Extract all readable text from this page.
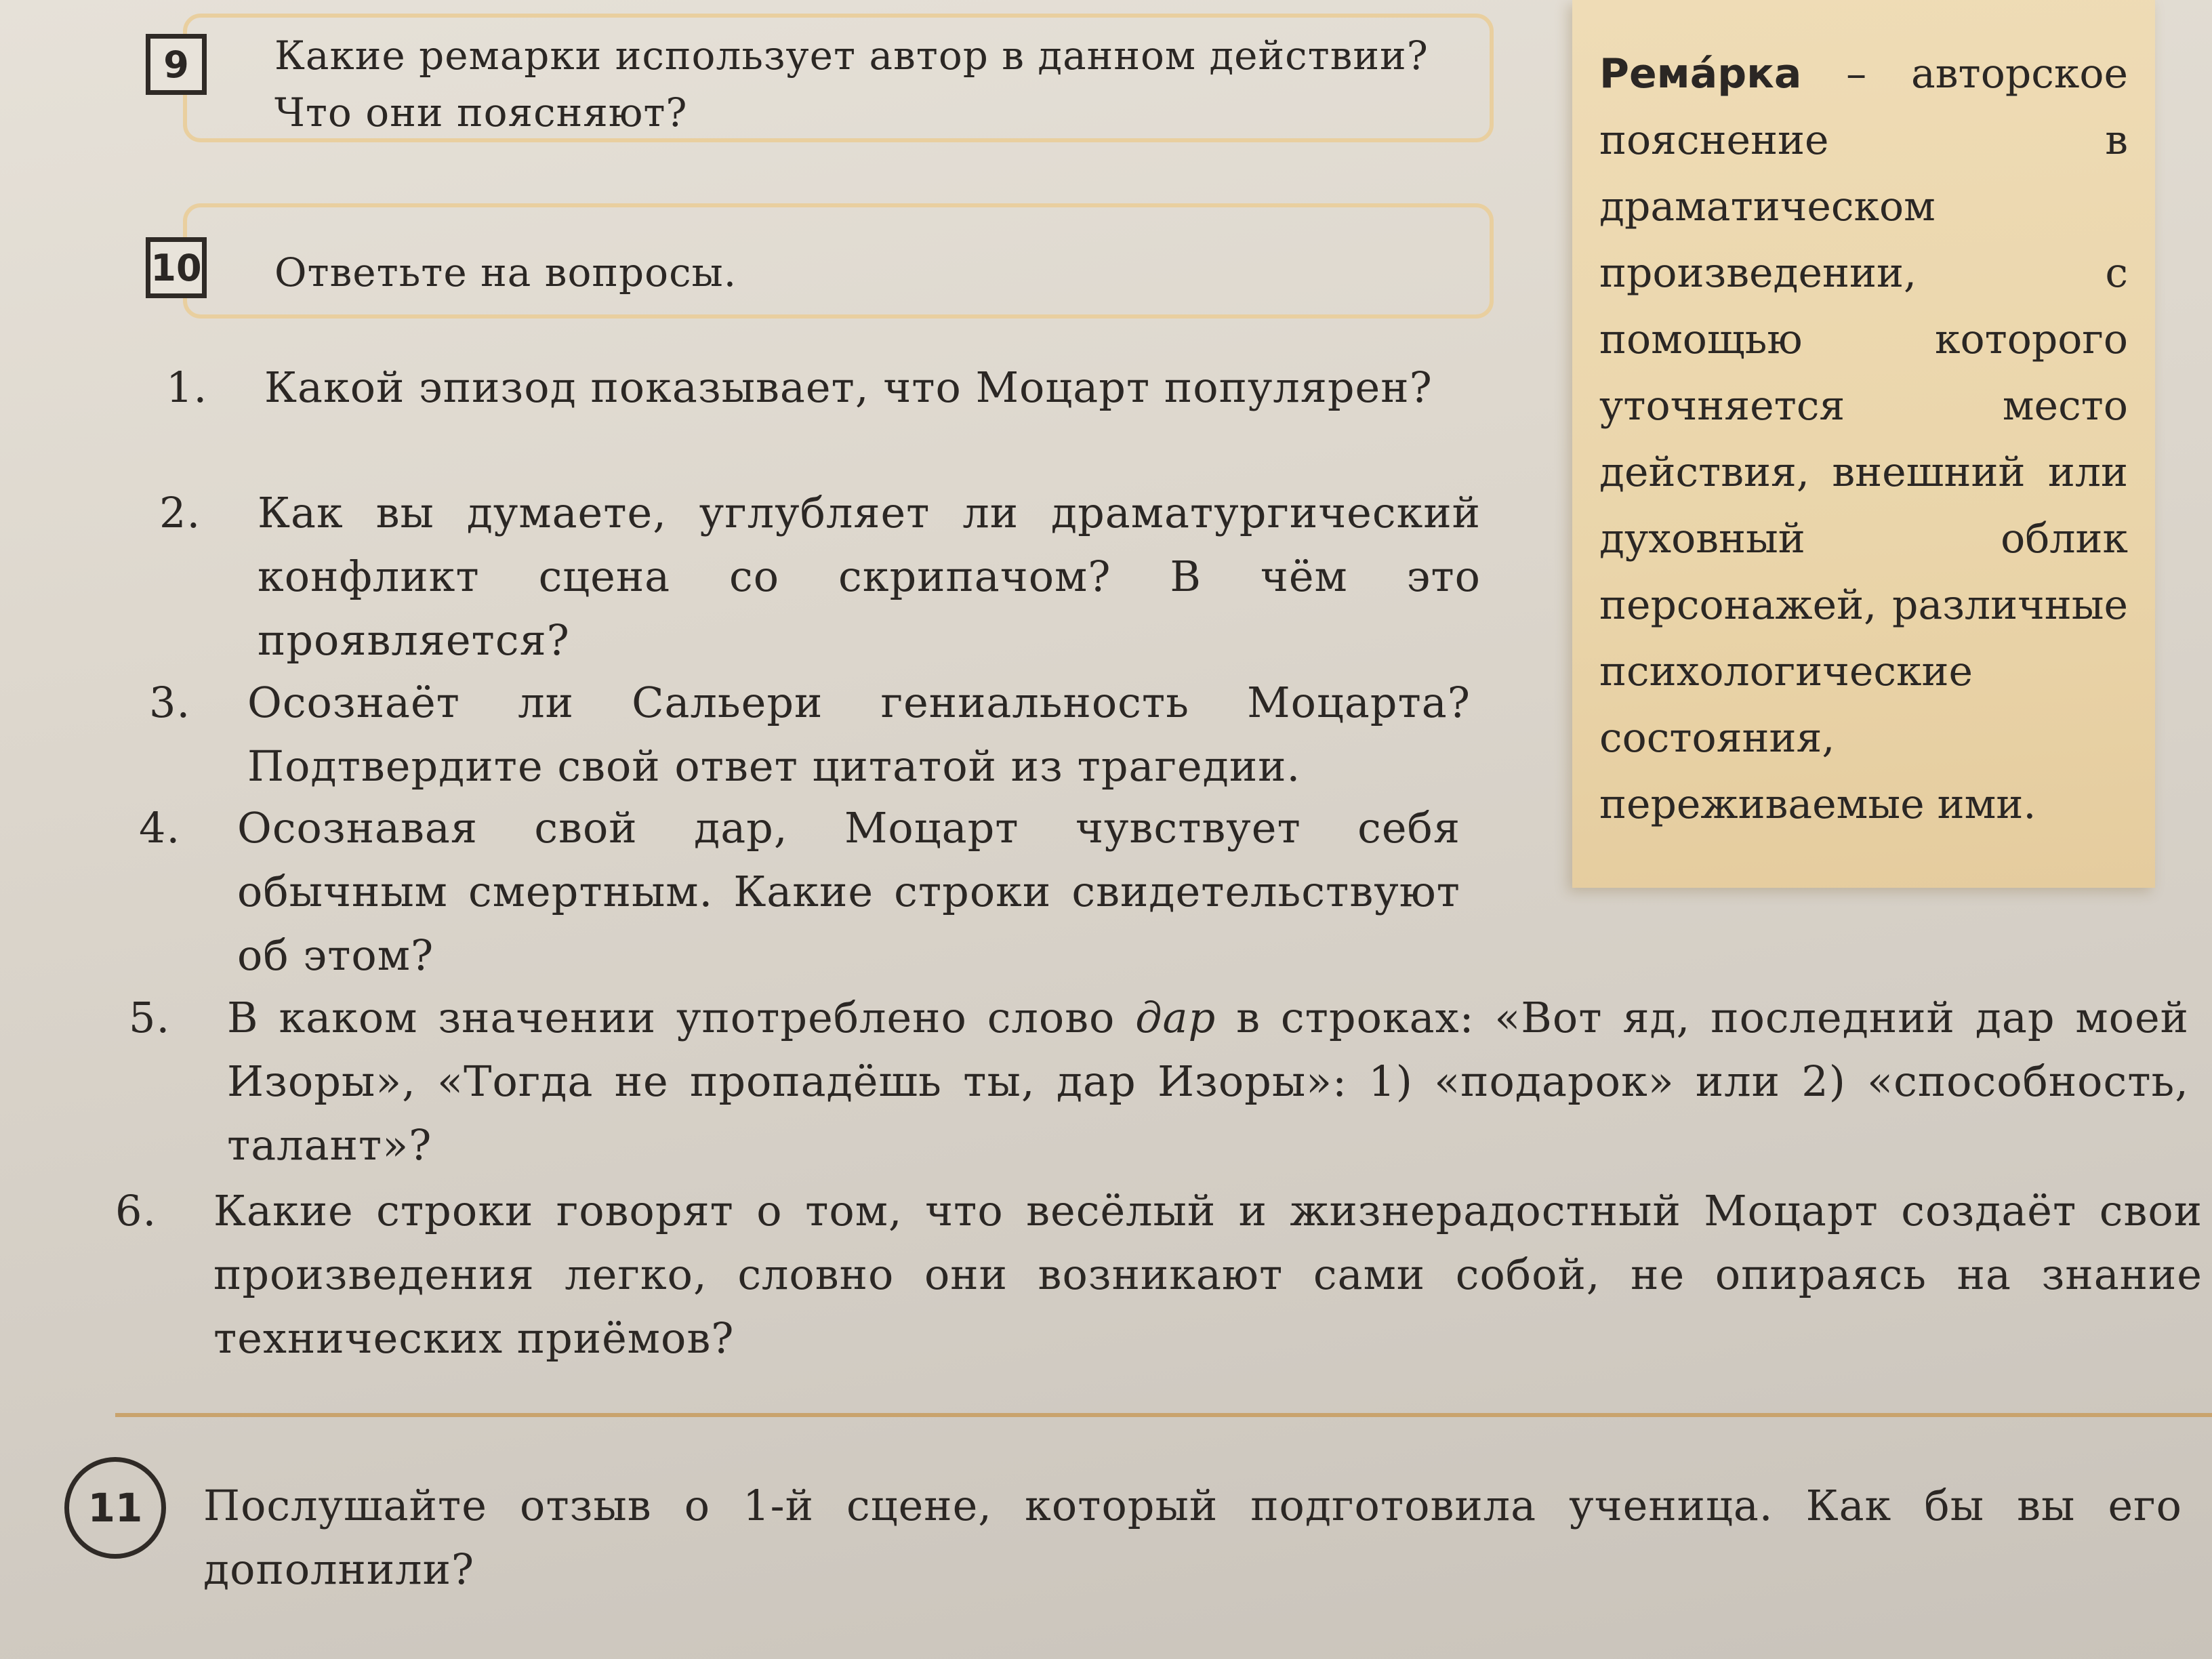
Ремáрка – авторское пояснение в драматическом произведении, с помощью которого уточняется место действия, внешний или духовный облик персонажей, различные психологические состояния, переживаемые ими.
9 Какие ремарки использует автор в данном действии? Что они поясняют?
10 Ответьте на вопросы.
1. Какой эпизод показывает, что Моцарт популярен?
2. Как вы думаете, углубляет ли драматургический конфликт сцена со скрипачом? В чём это проявляется?
3. Осознаёт ли Сальери гениальность Моцарта? Подтвердите свой ответ цитатой из трагедии.
4. Осознавая свой дар, Моцарт чувствует себя обычным смертным. Какие строки свидетельствуют об этом?
5. В каком значении употреблено слово дар в строках: «Вот яд, последний дар моей Изоры», «Тогда не пропадёшь ты, дар Изоры»: 1) «подарок» или 2) «способность, талант»?
6. Какие строки говорят о том, что весёлый и жизнерадостный Моцарт создаёт свои произведения легко, словно они возникают сами собой, не опираясь на знание технических приёмов?
11 Послушайте отзыв о 1-й сцене, который подготовила ученица. Как бы вы его дополнили?
